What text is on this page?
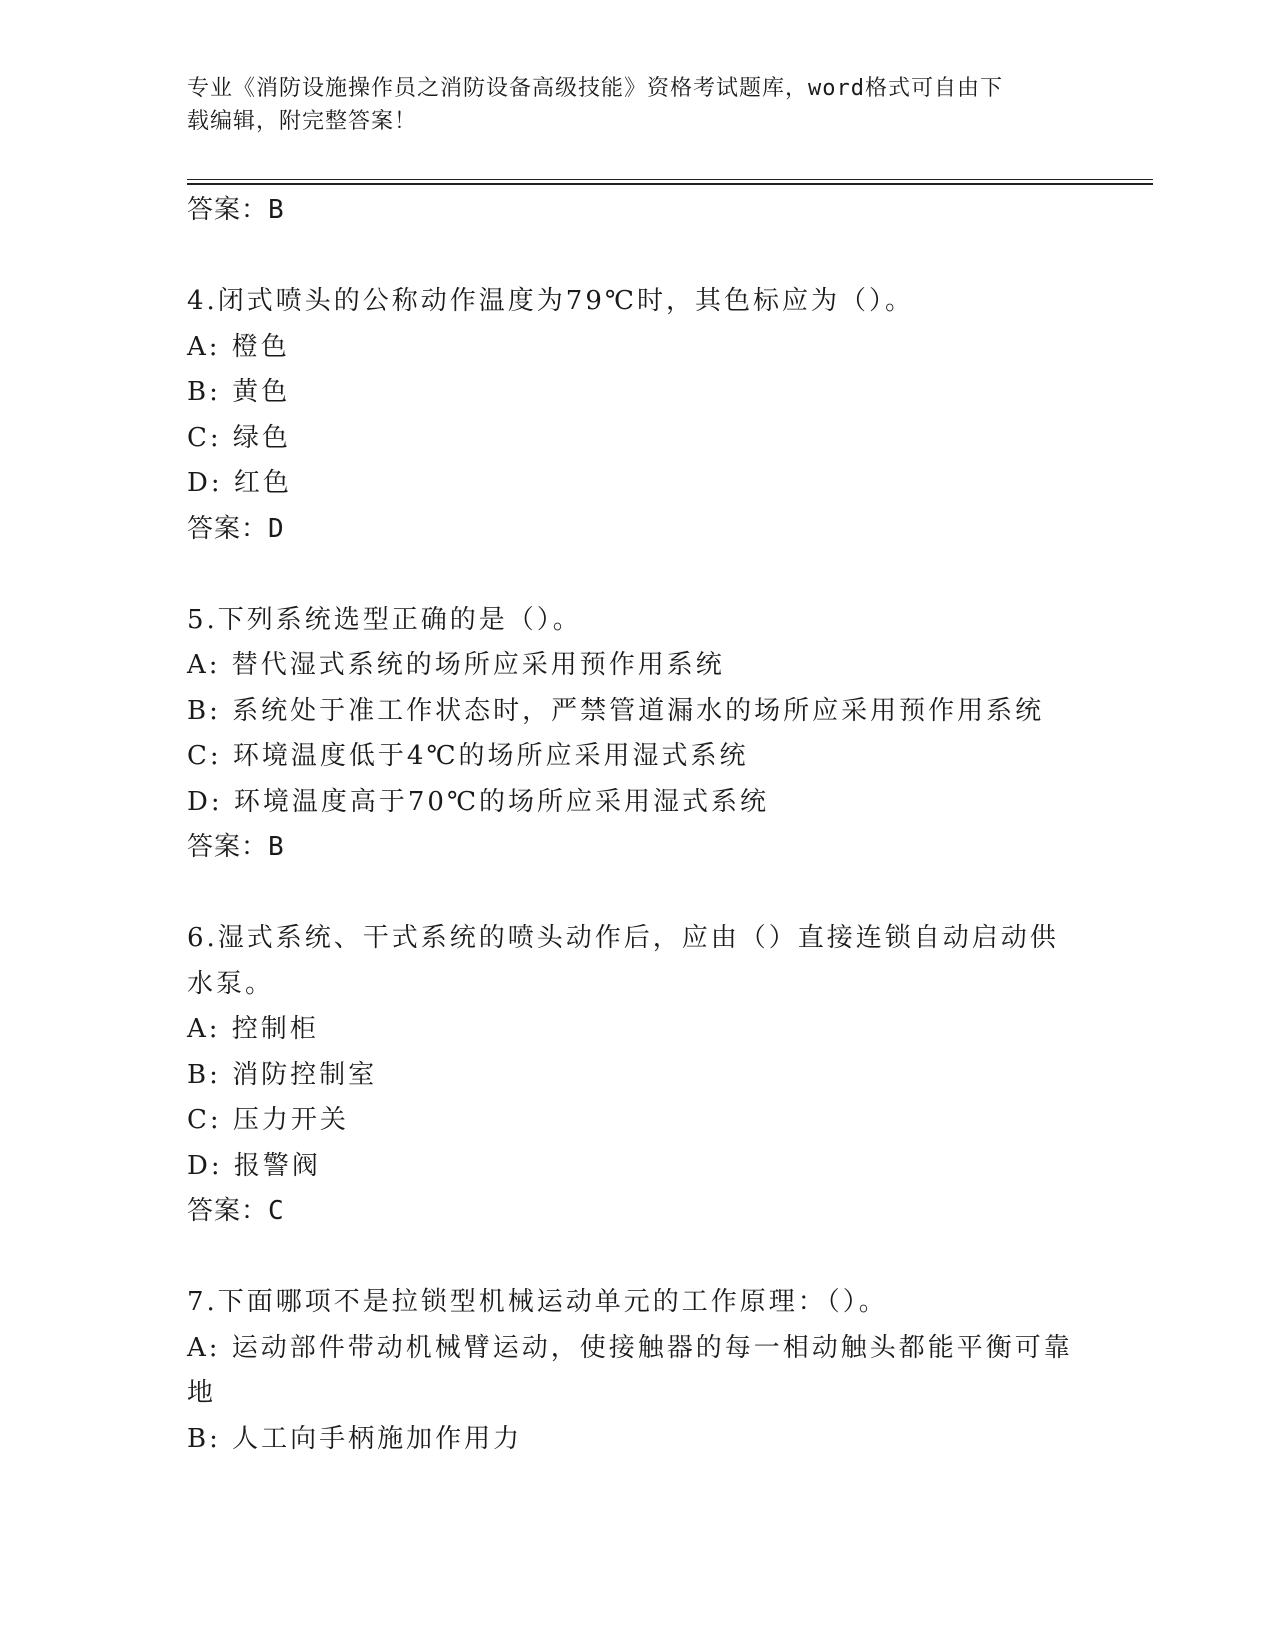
专业《消防设施操作员之消防设备高级技能》资格考试题库，word格式可自由下
载编辑，附完整答案！
答案：B
4.闭式喷头的公称动作温度为79℃时，其色标应为（）。
A: 橙色
B: 黄色
C: 绿色
D: 红色
答案：D
5.下列系统选型正确的是（）。
A: 替代湿式系统的场所应采用预作用系统
B: 系统处于准工作状态时，严禁管道漏水的场所应采用预作用系统
C: 环境温度低于4℃的场所应采用湿式系统
D: 环境温度高于70℃的场所应采用湿式系统
答案：B
6.湿式系统、干式系统的喷头动作后，应由（）直接连锁自动启动供
水泵。
A: 控制柜
B: 消防控制室
C: 压力开关
D: 报警阀
答案：C
7.下面哪项不是拉锁型机械运动单元的工作原理：（）。
A: 运动部件带动机械臂运动，使接触器的每一相动触头都能平衡可靠
地
B: 人工向手柄施加作用力
